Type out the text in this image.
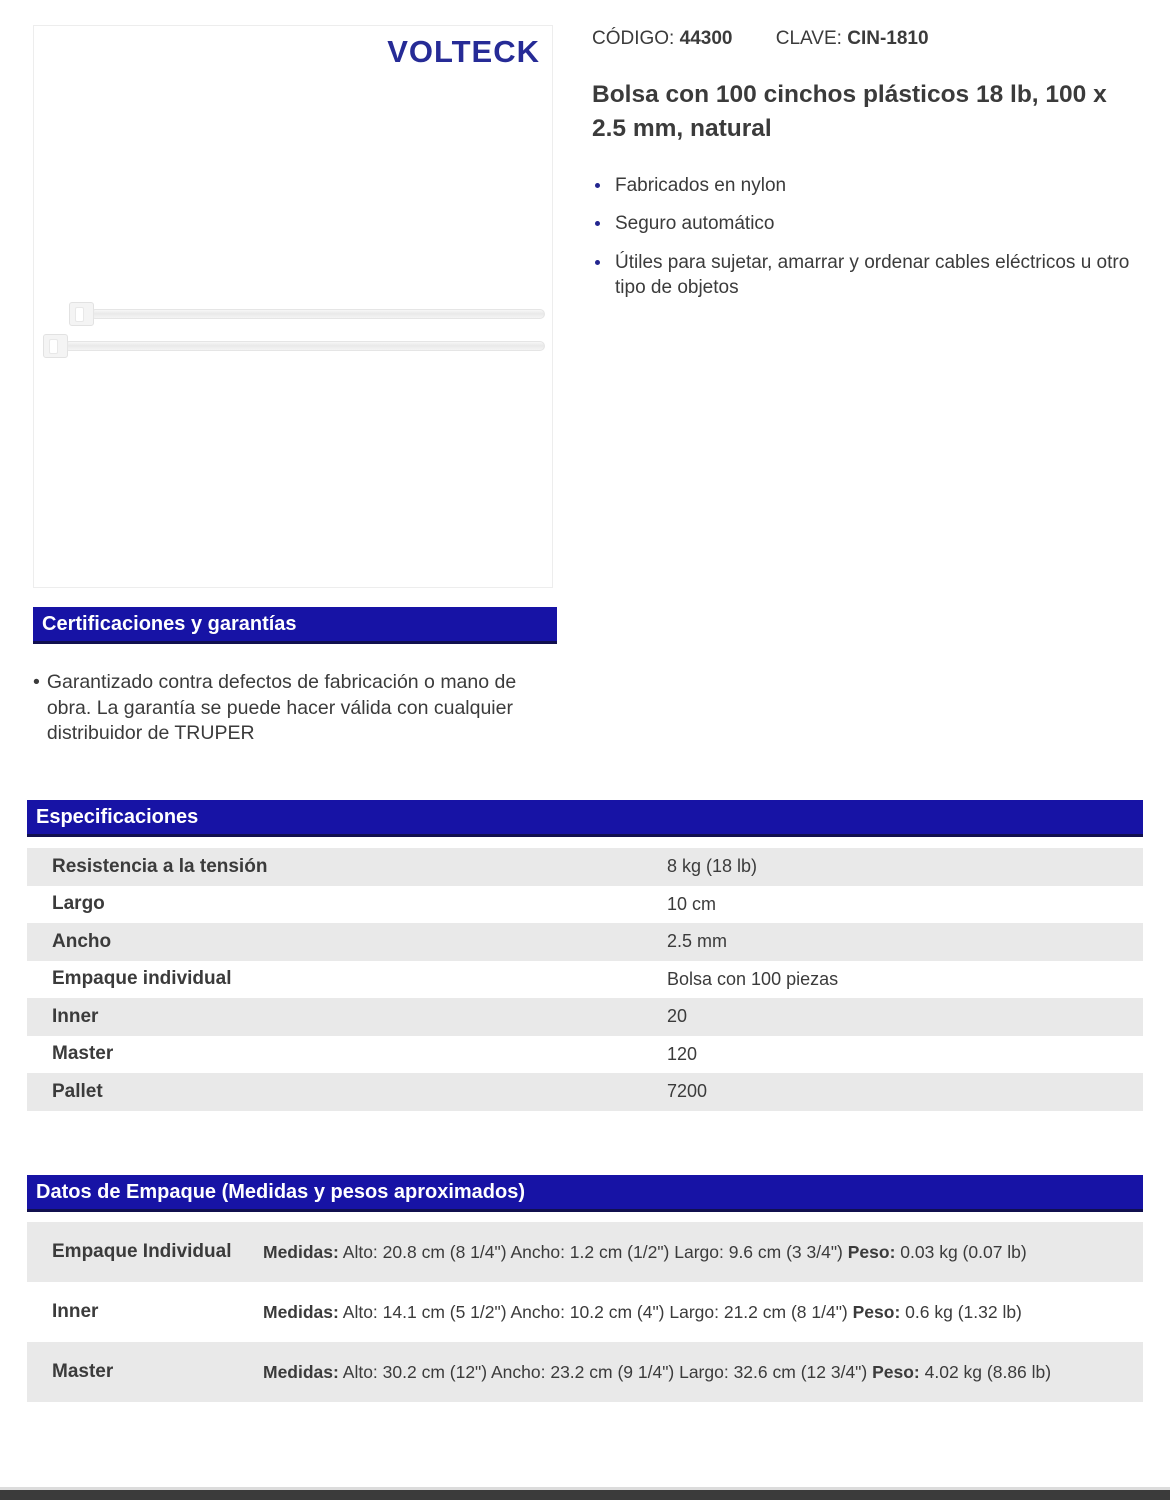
VOLTECK	CÓDIGO: 44300 CLAVE: CIN-1810
Bolsa con 100 cinchos plásticos 18 lb, 100 x 2.5 mm, natural
Fabricados en nylon
Seguro automático
Útiles para sujetar, amarrar y ordenar cables eléctricos u otro tipo de objetos
Certificaciones y garantías
• Garantizado contra defectos de fabricación o mano de obra. La garantía se puede hacer válida con cualquier distribuidor de TRUPER
Especificaciones
Resistencia a la tensión	8 kg (18 lb)
Largo	10 cm
Ancho	2.5 mm
Empaque individual	Bolsa con 100 piezas
Inner	20
Master	120
Pallet	7200
Datos de Empaque (Medidas y pesos aproximados)
Empaque Individual	Medidas: Alto: 20.8 cm (8 1/4") Ancho: 1.2 cm (1/2") Largo: 9.6 cm (3 3/4") Peso: 0.03 kg (0.07 lb)
Inner	Medidas: Alto: 14.1 cm (5 1/2") Ancho: 10.2 cm (4") Largo: 21.2 cm (8 1/4") Peso: 0.6 kg (1.32 lb)
Master	Medidas: Alto: 30.2 cm (12") Ancho: 23.2 cm (9 1/4") Largo: 32.6 cm (12 3/4") Peso: 4.02 kg (8.86 lb)
